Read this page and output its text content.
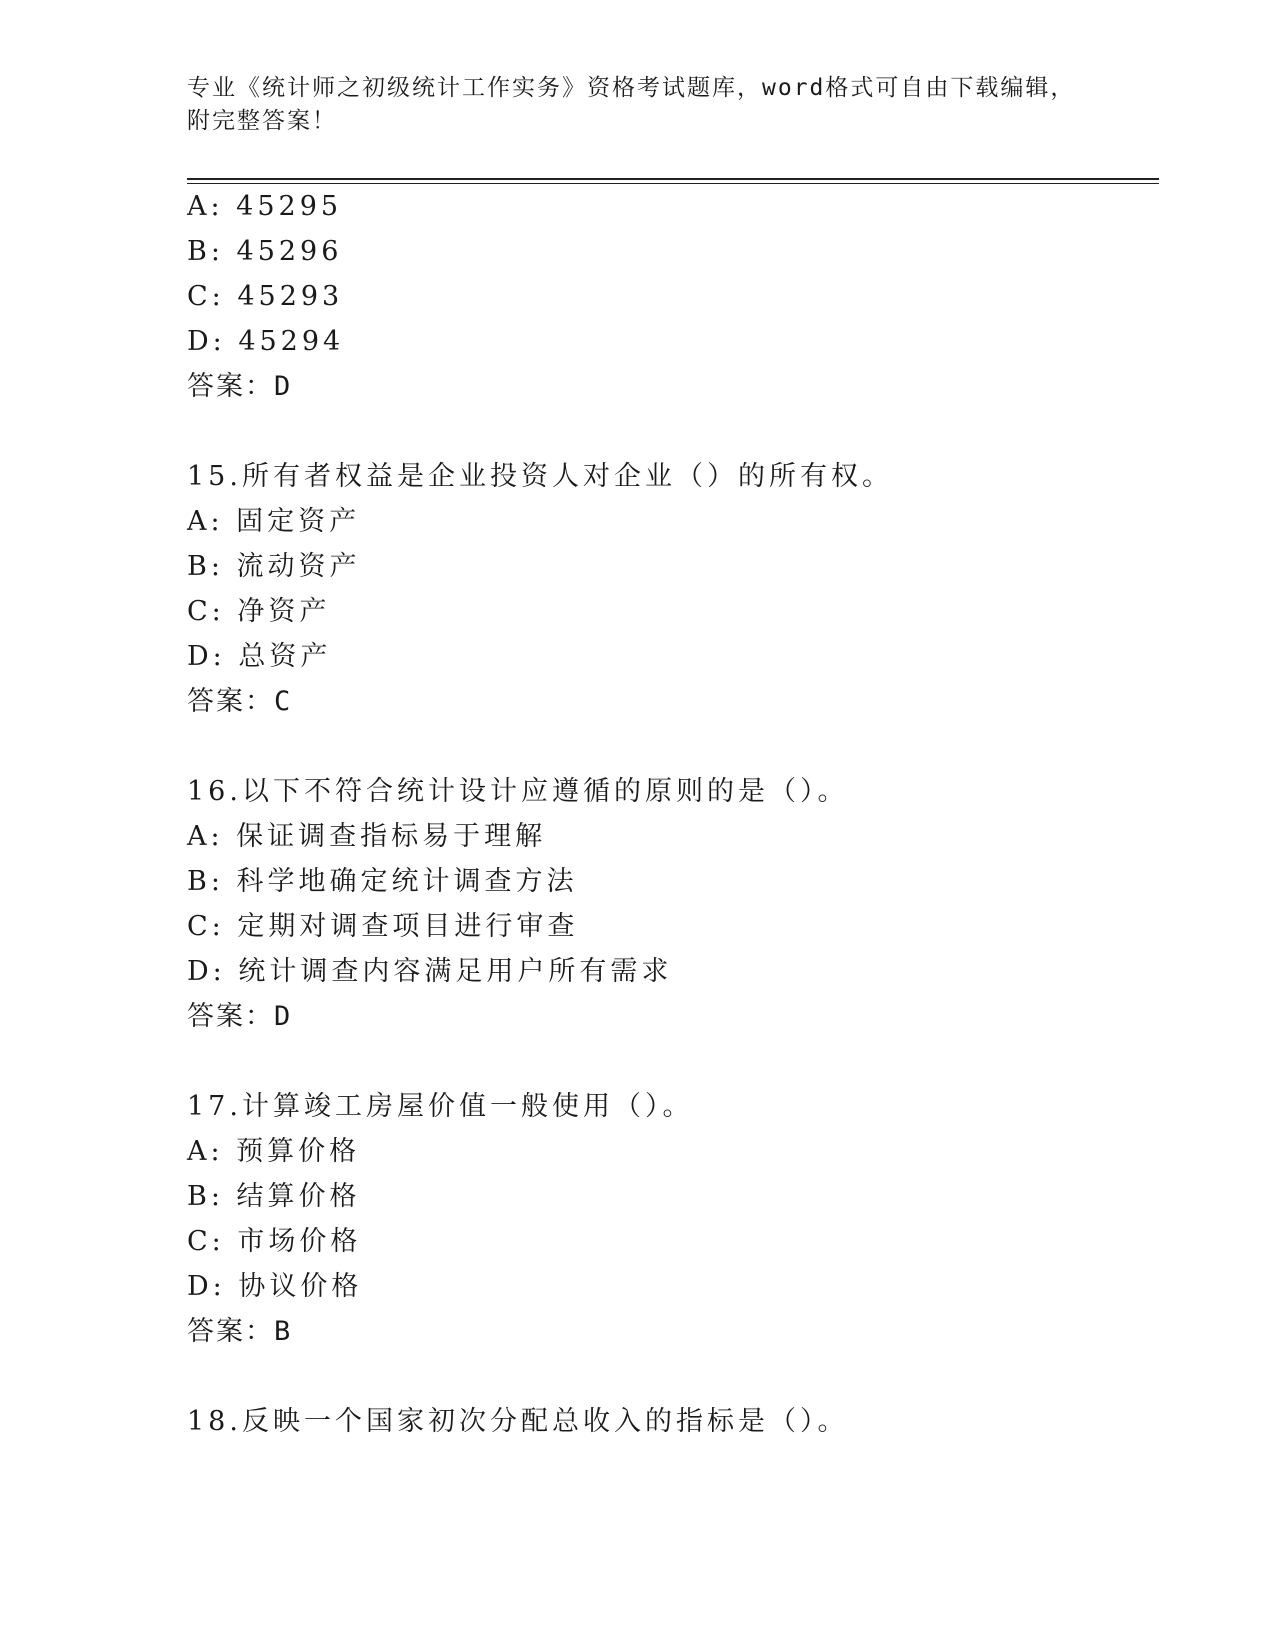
专业《统计师之初级统计工作实务》资格考试题库，word格式可自由下载编辑，
附完整答案！
A: 45295
B: 45296
C: 45293
D: 45294
答案：D
15.所有者权益是企业投资人对企业（）的所有权。
A: 固定资产
B: 流动资产
C: 净资产
D: 总资产
答案：C
16.以下不符合统计设计应遵循的原则的是（）。
A: 保证调查指标易于理解
B: 科学地确定统计调查方法
C: 定期对调查项目进行审查
D: 统计调查内容满足用户所有需求
答案：D
17.计算竣工房屋价值一般使用（）。
A: 预算价格
B: 结算价格
C: 市场价格
D: 协议价格
答案：B
18.反映一个国家初次分配总收入的指标是（）。
